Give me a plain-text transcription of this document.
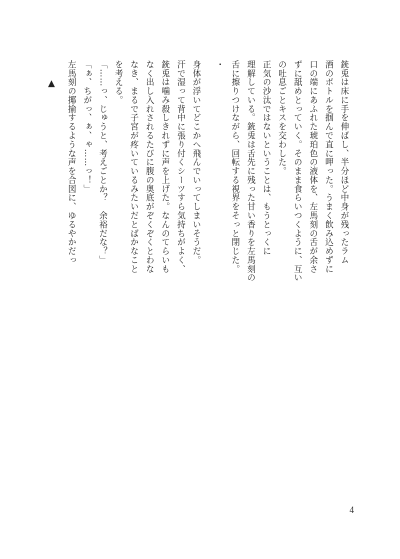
▲	身体が浮いてどこかへ飛んでいってしまいそうだ。
汗で湿って背中に張り付くシーツすら気持ちがよく、
銃兎は噛み殺しきれずに声を上げた。なんのてらいも
なく出し入れされるたびに腹の奥底がぞくぞくとわな
なき、まるで子宮が疼いているみたいだとばかなこと
を考える。
「……っ、じゅうと、考えごとか？　余裕だな？」
「ぁ、ちがっ、ぁ、ゃ……っ！」
左馬刻の揶揄するような声を合図に、ゆるやかだっ	銃兎は床に手を伸ばし、半分ほど中身が残ったラム
酒のボトルを掴んで直に呷った。うまく飲み込めずに
口の端にあふれた琥珀色の液体を、左馬刻の舌が余さ
ずに舐めとっていく。そのまま食らいつくように、互い
の吐息ごとキスを交わした。
正気の沙汰ではないということは、もうとっくに
理解している。銃兎は舌先に残った甘い香りを左馬刻の
舌に擦りつけながら、回転する視界をそっと閉じた。
・

4
